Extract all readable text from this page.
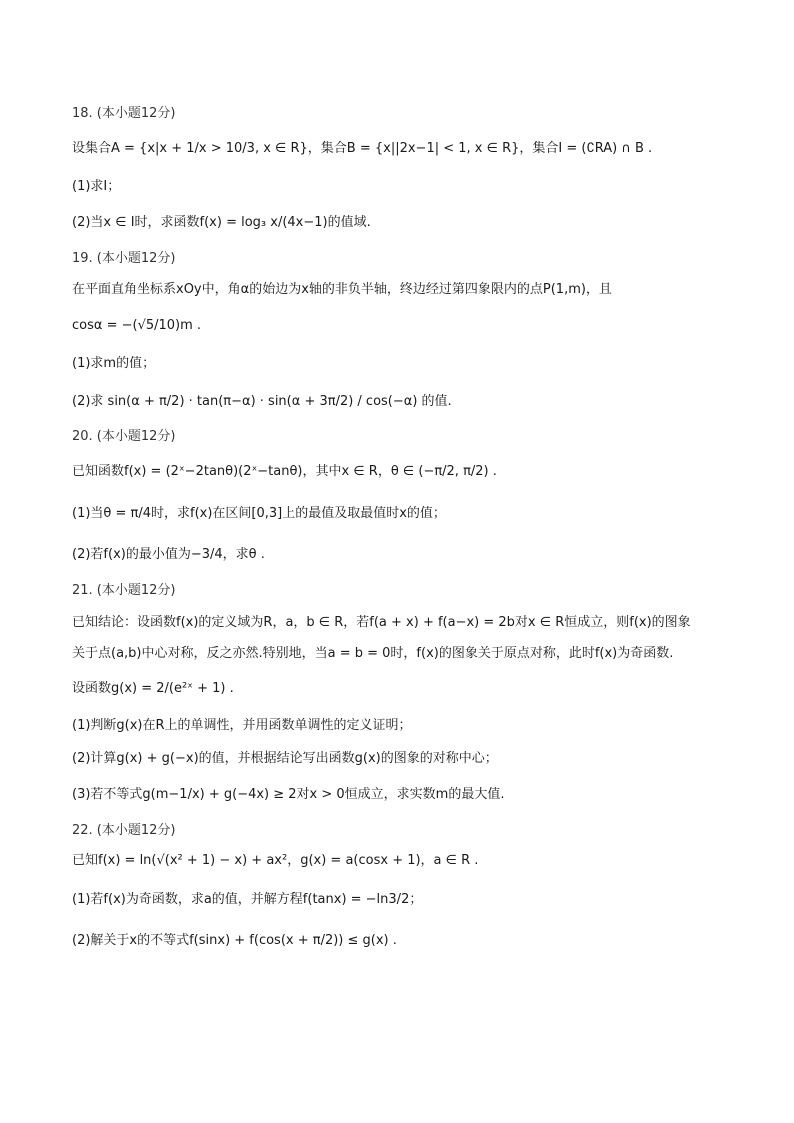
18. (本小题12分)
设集合A = {x|x + 1/x > 10/3, x ∈ R}，集合B = {x||2x−1| < 1, x ∈ R}，集合I = (∁RA) ∩ B .
(1)求I；
(2)当x ∈ I时，求函数f(x) = log₃ x/(4x−1)的值域.
19. (本小题12分)
在平面直角坐标系xOy中，角α的始边为x轴的非负半轴，终边经过第四象限内的点P(1,m)，且
cosα = −(√5/10)m .
(1)求m的值；
(2)求 sin(α + π/2) · tan(π−α) · sin(α + 3π/2) / cos(−α) 的值.
20. (本小题12分)
已知函数f(x) = (2ˣ−2tanθ)(2ˣ−tanθ)，其中x ∈ R，θ ∈ (−π/2, π/2) .
(1)当θ = π/4时，求f(x)在区间[0,3]上的最值及取最值时x的值；
(2)若f(x)的最小值为−3/4，求θ .
21. (本小题12分)
已知结论：设函数f(x)的定义域为R，a，b ∈ R，若f(a + x) + f(a−x) = 2b对x ∈ R恒成立，则f(x)的图象
关于点(a,b)中心对称，反之亦然.特别地，当a = b = 0时，f(x)的图象关于原点对称，此时f(x)为奇函数.
设函数g(x) = 2/(e²ˣ + 1) .
(1)判断g(x)在R上的单调性，并用函数单调性的定义证明；
(2)计算g(x) + g(−x)的值，并根据结论写出函数g(x)的图象的对称中心；
(3)若不等式g(m−1/x) + g(−4x) ≥ 2对x > 0恒成立，求实数m的最大值.
22. (本小题12分)
已知f(x) = ln(√(x² + 1) − x) + ax²，g(x) = a(cosx + 1)，a ∈ R .
(1)若f(x)为奇函数，求a的值，并解方程f(tanx) = −ln3/2；
(2)解关于x的不等式f(sinx) + f(cos(x + π/2)) ≤ g(x) .
